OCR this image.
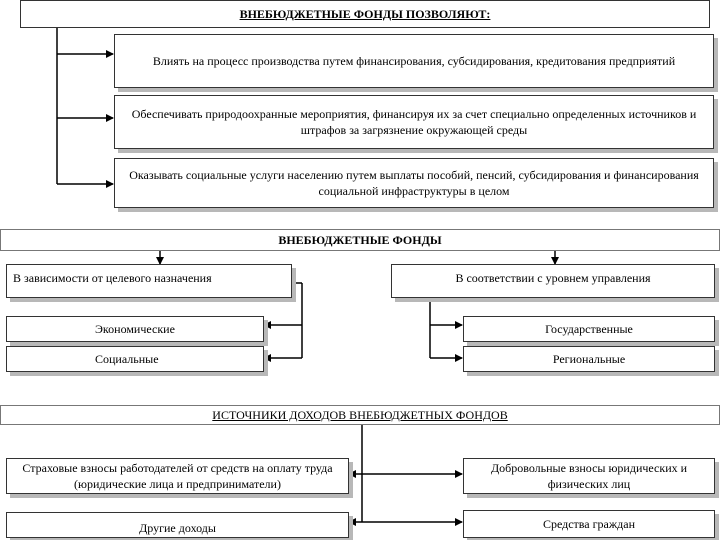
ВНЕБЮДЖЕТНЫЕ ФОНДЫ ПОЗВОЛЯЮТ:
Влиять на процесс производства путем финансирования, субсидирования, кредитования предприятий
Обеспечивать природоохранные мероприятия, финансируя их за счет специально определенных источников и штрафов за загрязнение окружающей среды
Оказывать социальные услуги населению путем выплаты пособий, пенсий, субсидирования и финансирования социальной инфраструктуры в целом
ВНЕБЮДЖЕТНЫЕ ФОНДЫ
В зависимости от целевого назначения	В соответствии с уровнем управления
Экономические
Социальные
Государственные
Региональные
ИСТОЧНИКИ ДОХОДОВ ВНЕБЮДЖЕТНЫХ ФОНДОВ
Страховые взносы работодателей от средств на оплату труда (юридические лица и предприниматели)
Добровольные взносы юридических и физических лиц
Другие доходы	Средства граждан
